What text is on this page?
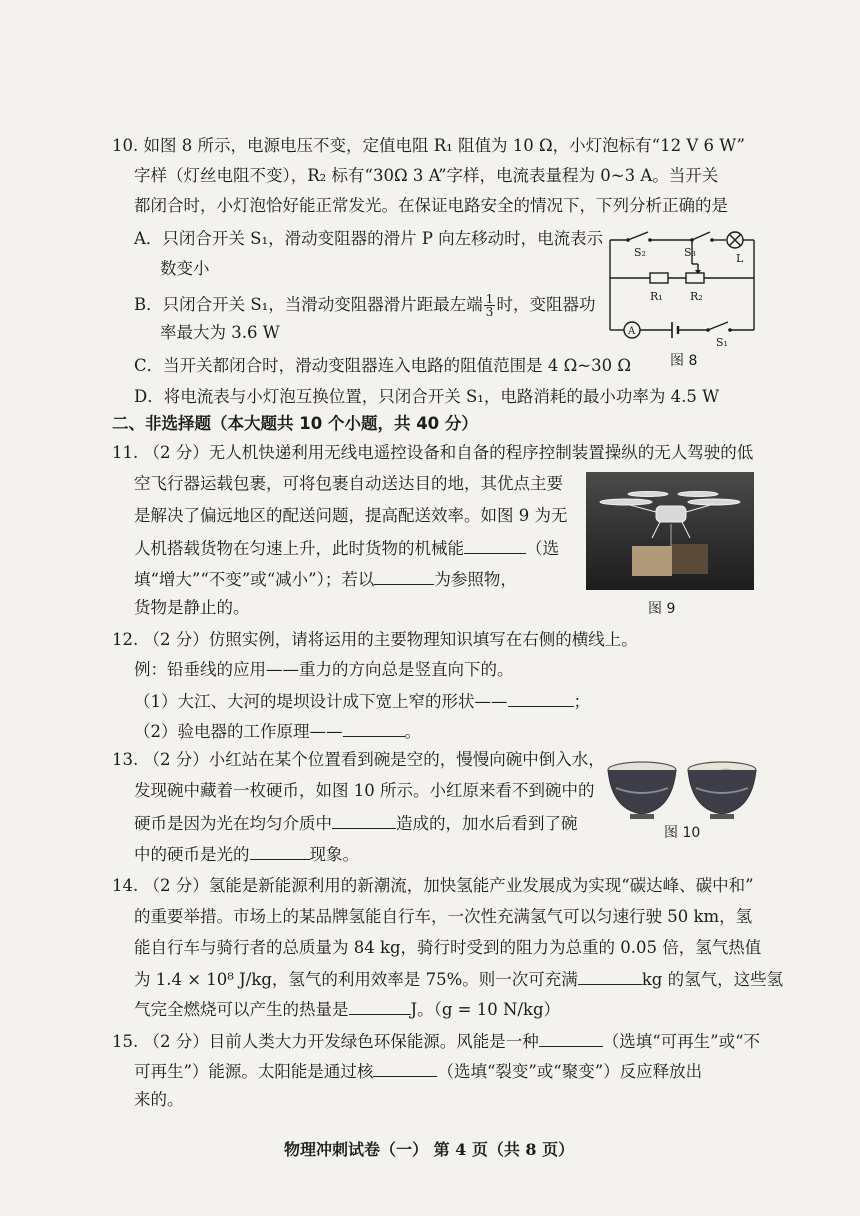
10. 如图 8 所示，电源电压不变，定值电阻 R₁ 阻值为 10 Ω，小灯泡标有“12 V 6 W”
字样（灯丝电阻不变），R₂ 标有“30Ω 3 A”字样，电流表量程为 0~3 A。当开关
都闭合时，小灯泡恰好能正常发光。在保证电路安全的情况下，下列分析正确的是
A．只闭合开关 S₁，滑动变阻器的滑片 P 向左移动时，电流表示
数变小
B．只闭合开关 S₁，当滑动变阻器滑片距最左端 $\frac{1}{3}$ 时，变阻器功
率最大为 3.6 W
C．当开关都闭合时，滑动变阻器连入电路的阻值范围是 4 Ω~30 Ω
D．将电流表与小灯泡互换位置，只闭合开关 S₁，电路消耗的最小功率为 4.5 W
S₂	S₃	L
R₁ R₂
A
S₁
图 8
二、非选择题（本大题共 10 个小题，共 40 分）
11. （2 分）无人机快递利用无线电遥控设备和自备的程序控制装置操纵的无人驾驶的低
空飞行器运载包裹，可将包裹自动送达目的地，其优点主要
是解决了偏远地区的配送问题，提高配送效率。如图 9 为无
人机搭载货物在匀速上升，此时货物的机械能	（选
填“增大”“不变”或“减小”）；若以	为参照物，
货物是静止的。	图 9
12. （2 分）仿照实例，请将运用的主要物理知识填写在右侧的横线上。
例：铅垂线的应用——重力的方向总是竖直向下的。
（1）大江、大河的堤坝设计成下宽上窄的形状——	；
（2）验电器的工作原理——	。
13. （2 分）小红站在某个位置看到碗是空的，慢慢向碗中倒入水，
发现碗中藏着一枚硬币，如图 10 所示。小红原来看不到碗中的
硬币是因为光在均匀介质中	造成的，加水后看到了碗
中的硬币是光的	现象。
图 10
14. （2 分）氢能是新能源利用的新潮流，加快氢能产业发展成为实现“碳达峰、碳中和”
的重要举措。市场上的某品牌氢能自行车，一次性充满氢气可以匀速行驶 50 km，氢
能自行车与骑行者的总质量为 84 kg，骑行时受到的阻力为总重的 0.05 倍，氢气热值
为 1.4 × 10⁸ J/kg，氢气的利用效率是 75%。则一次可充满	kg 的氢气，这些氢
气完全燃烧可以产生的热量是	J。（g = 10 N/kg）
15. （2 分）目前人类大力开发绿色环保能源。风能是一种	（选填“可再生”或“不
可再生”）能源。太阳能是通过核	（选填“裂变”或“聚变”）反应释放出
来的。
物理冲刺试卷（一） 第 4 页（共 8 页）
